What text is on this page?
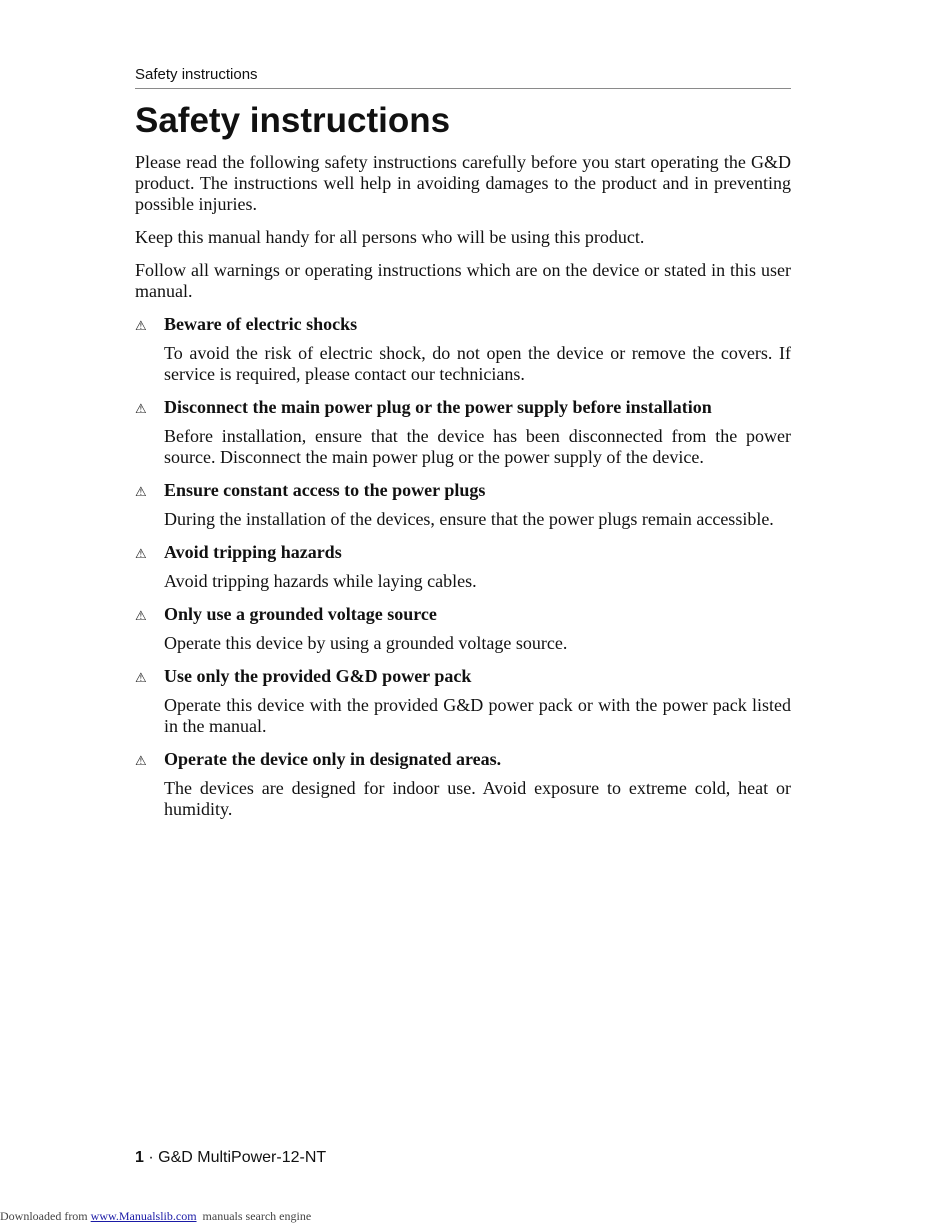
Safety instructions
Safety instructions

Please read the following safety instructions carefully before you start operating the G&D product. The instructions well help in avoiding damages to the product and in preventing possible injuries.

Keep this manual handy for all persons who will be using this product.

Follow all warnings or operating instructions which are on the device or stated in this user manual.

⚠ Beware of electric shocks
To avoid the risk of electric shock, do not open the device or remove the covers. If service is required, please contact our technicians.
⚠ Disconnect the main power plug or the power supply before installation
Before installation, ensure that the device has been disconnected from the power source. Disconnect the main power plug or the power supply of the device.
⚠ Ensure constant access to the power plugs
During the installation of the devices, ensure that the power plugs remain accessible.
⚠ Avoid tripping hazards
Avoid tripping hazards while laying cables.
⚠ Only use a grounded voltage source
Operate this device by using a grounded voltage source.
⚠ Use only the provided G&D power pack
Operate this device with the provided G&D power pack or with the power pack listed in the manual.
⚠ Operate the device only in designated areas.
The devices are designed for indoor use. Avoid exposure to extreme cold, heat or humidity.
1 · G&D MultiPower-12-NT
Downloaded from www.Manualslib.com  manuals search engine
